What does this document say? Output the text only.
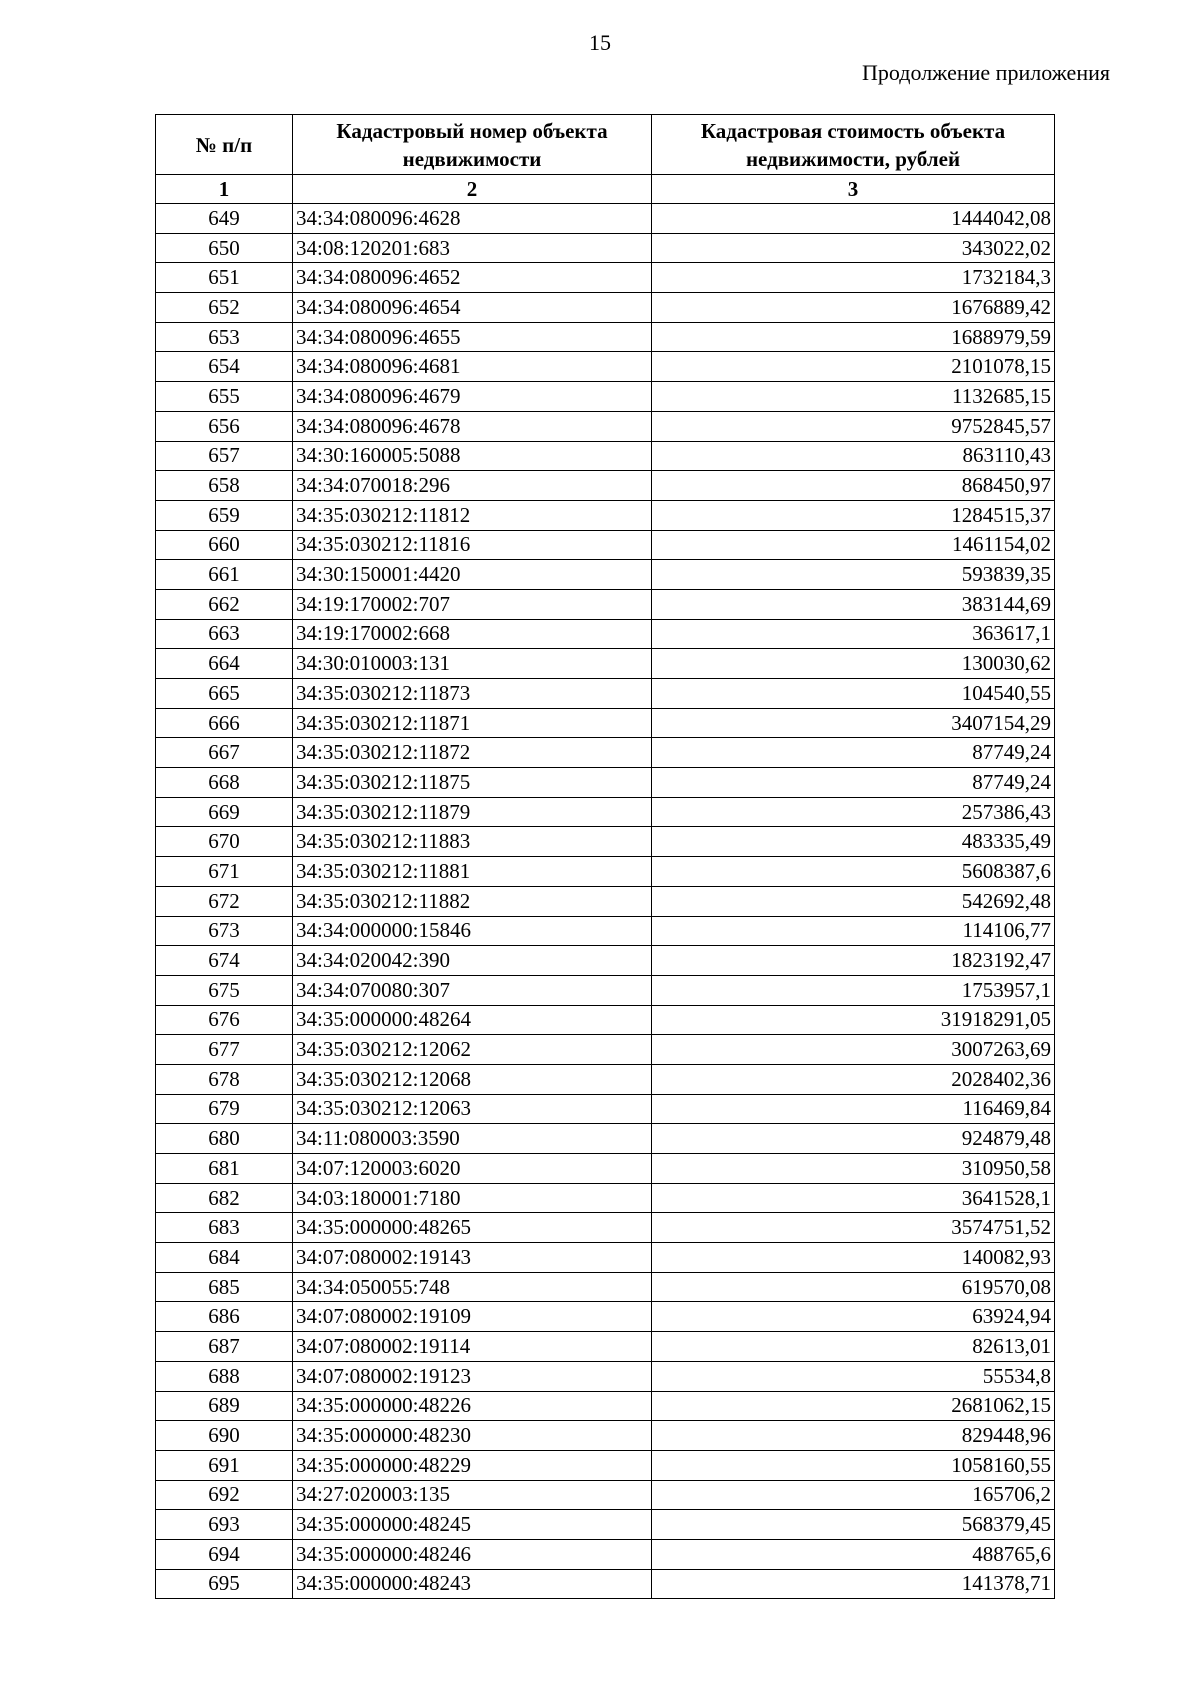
15
Продолжение приложения
№ п/п	Кадастровый номер объекта недвижимости	Кадастровая стоимость объекта недвижимости, рублей
1	2	3
649	34:34:080096:4628	1444042,08
650	34:08:120201:683	343022,02
651	34:34:080096:4652	1732184,3
652	34:34:080096:4654	1676889,42
653	34:34:080096:4655	1688979,59
654	34:34:080096:4681	2101078,15
655	34:34:080096:4679	1132685,15
656	34:34:080096:4678	9752845,57
657	34:30:160005:5088	863110,43
658	34:34:070018:296	868450,97
659	34:35:030212:11812	1284515,37
660	34:35:030212:11816	1461154,02
661	34:30:150001:4420	593839,35
662	34:19:170002:707	383144,69
663	34:19:170002:668	363617,1
664	34:30:010003:131	130030,62
665	34:35:030212:11873	104540,55
666	34:35:030212:11871	3407154,29
667	34:35:030212:11872	87749,24
668	34:35:030212:11875	87749,24
669	34:35:030212:11879	257386,43
670	34:35:030212:11883	483335,49
671	34:35:030212:11881	5608387,6
672	34:35:030212:11882	542692,48
673	34:34:000000:15846	114106,77
674	34:34:020042:390	1823192,47
675	34:34:070080:307	1753957,1
676	34:35:000000:48264	31918291,05
677	34:35:030212:12062	3007263,69
678	34:35:030212:12068	2028402,36
679	34:35:030212:12063	116469,84
680	34:11:080003:3590	924879,48
681	34:07:120003:6020	310950,58
682	34:03:180001:7180	3641528,1
683	34:35:000000:48265	3574751,52
684	34:07:080002:19143	140082,93
685	34:34:050055:748	619570,08
686	34:07:080002:19109	63924,94
687	34:07:080002:19114	82613,01
688	34:07:080002:19123	55534,8
689	34:35:000000:48226	2681062,15
690	34:35:000000:48230	829448,96
691	34:35:000000:48229	1058160,55
692	34:27:020003:135	165706,2
693	34:35:000000:48245	568379,45
694	34:35:000000:48246	488765,6
695	34:35:000000:48243	141378,71
